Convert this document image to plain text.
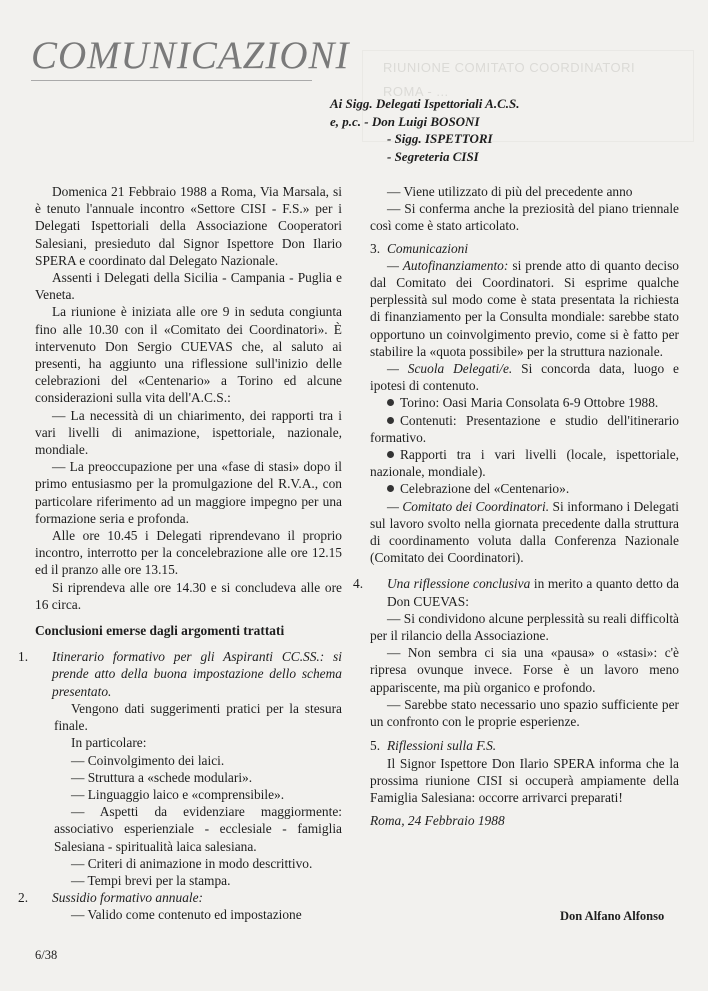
COMUNICAZIONI	RIUNIONE COMITATO COORDINATORI
ROMA - ...
Ai Sigg. Delegati Ispettoriali A.C.S.
e, p.c. - Don Luigi BOSONI
- Sigg. ISPETTORI
- Segreteria CISI

Domenica 21 Febbraio 1988 a Roma, Via Marsala, si è tenuto l'annuale incontro «Settore CISI - F.S.» per i Delegati Ispettoriali della Associazione Cooperatori Salesiani, presieduto dal Signor Ispettore Don Ilario SPERA e coordinato dal Delegato Nazionale.

Assenti i Delegati della Sicilia - Campania - Puglia e Veneta.

La riunione è iniziata alle ore 9 in seduta congiunta fino alle 10.30 con il «Comitato dei Coordinatori». È intervenuto Don Sergio CUEVAS che, al saluto ai presenti, ha aggiunto una riflessione sull'inizio delle celebrazioni del «Centenario» a Torino ed alcune considerazioni sulla vita dell'A.C.S.:

— La necessità di un chiarimento, dei rapporti tra i vari livelli di animazione, ispettoriale, nazionale, mondiale.

— La preoccupazione per una «fase di stasi» dopo il primo entusiasmo per la promulgazione del R.V.A., con particolare riferimento ad un maggiore impegno per una formazione seria e profonda.

Alle ore 10.45 i Delegati riprendevano il proprio incontro, interrotto per la concelebrazione alle ore 12.15 ed il pranzo alle ore 13.15.

Si riprendeva alle ore 14.30 e si concludeva alle ore 16 circa.

Conclusioni emerse dagli argomenti trattati

1. Itinerario formativo per gli Aspiranti CC.SS.: si prende atto della buona impostazione dello schema presentato.

Vengono dati suggerimenti pratici per la stesura finale.

In particolare:

— Coinvolgimento dei laici.

— Struttura a «schede modulari».

— Linguaggio laico e «comprensibile».

— Aspetti da evidenziare maggiormente: associativo esperienziale - ecclesiale - famiglia Salesiana - spiritualità laica salesiana.

— Criteri di animazione in modo descrittivo.

— Tempi brevi per la stampa.

2. Sussidio formativo annuale:

— Valido come contenuto ed impostazione

— Viene utilizzato di più del precedente anno

— Si conferma anche la preziosità del piano triennale così come è stato articolato.

3. Comunicazioni

— Autofinanziamento: si prende atto di quanto deciso dal Comitato dei Coordinatori. Si esprime qualche perplessità sul modo come è stata presentata la richiesta di finanziamento per la Consulta mondiale: sarebbe stato opportuno un coinvolgimento previo, come si è fatto per stabilire la «quota possibile» per la struttura nazionale.

— Scuola Delegati/e. Si concorda data, luogo e ipotesi di contenuto.

Torino: Oasi Maria Consolata 6-9 Ottobre 1988.

Contenuti: Presentazione e studio dell'itinerario formativo.

Rapporti tra i vari livelli (locale, ispettoriale, nazionale, mondiale).

Celebrazione del «Centenario».

— Comitato dei Coordinatori. Si informano i Delegati sul lavoro svolto nella giornata precedente dalla struttura di coordinamento voluta dalla Conferenza Nazionale (Comitato dei Coordinatori).

4. Una riflessione conclusiva in merito a quanto detto da Don CUEVAS:

— Si condividono alcune perplessità su reali difficoltà per il rilancio della Associazione.

— Non sembra ci sia una «pausa» o «stasi»: c'è ripresa ovunque invece. Forse è un lavoro meno appariscente, ma più organico e profondo.

— Sarebbe stato necessario uno spazio sufficiente per un confronto con le proprie esperienze.

5. Riflessioni sulla F.S.

Il Signor Ispettore Don Ilario SPERA informa che la prossima riunione CISI si occuperà ampiamente della Famiglia Salesiana: occorre arrivarci preparati!

Roma, 24 Febbraio 1988

Don Alfano Alfonso
6/38
